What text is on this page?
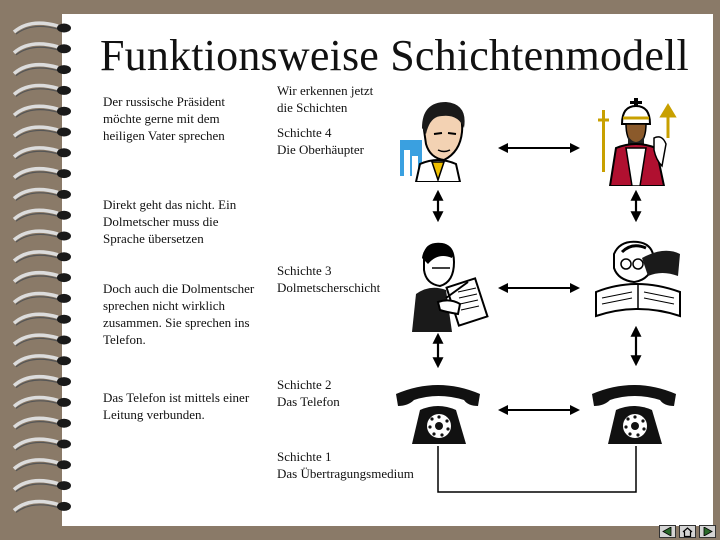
Funktionsweise Schichtenmodell
Der russische Präsident
möchte gerne mit dem
heiligen Vater sprechen
Direkt geht das nicht. Ein
Dolmetscher muss die
Sprache übersetzen
Doch auch die Dolmentscher
sprechen nicht wirklich
zusammen. Sie sprechen ins
Telefon.
Das Telefon ist mittels einer
Leitung verbunden.
Wir erkennen jetzt
die Schichten
Schichte 4
Die Oberhäupter
Schichte 3
Dolmetscherschicht
Schichte 2
Das Telefon
Schichte 1
Das Übertragungsmedium
